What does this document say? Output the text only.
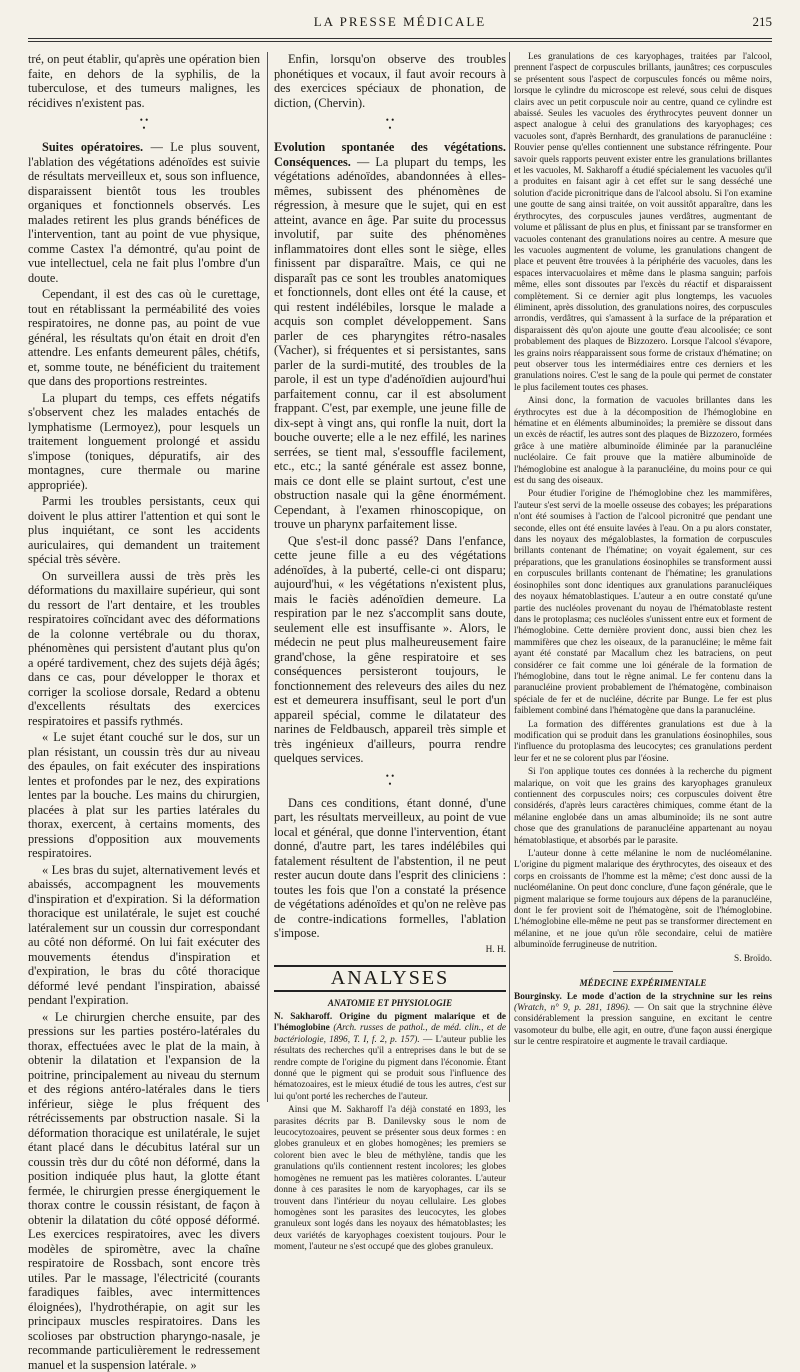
LA PRESSE MÉDICALE	215

tré, on peut établir, qu'après une opération bien faite, en dehors de la syphilis, de la tuberculose, et des tumeurs malignes, les récidives n'existent pas.

• •
•

Suites opératoires. — Le plus souvent, l'ablation des végétations adénoïdes est suivie de résultats merveilleux et, sous son influence, disparaissent bientôt tous les troubles organiques et fonctionnels observés. Les malades retirent les plus grands bénéfices de l'intervention, tant au point de vue physique, comme Castex l'a démontré, qu'au point de vue intellectuel, cela ne fait plus l'ombre d'un doute.

Cependant, il est des cas où le curettage, tout en rétablissant la perméabilité des voies respiratoires, ne donne pas, au point de vue général, les résultats qu'on était en droit d'en attendre. Les enfants demeurent pâles, chétifs, et, somme toute, ne bénéficient du traitement que dans des proportions restreintes.

La plupart du temps, ces effets négatifs s'observent chez les malades entachés de lymphatisme (Lermoyez), pour lesquels un traitement longuement prolongé et assidu s'impose (toniques, dépuratifs, air des montagnes, cure thermale ou marine appropriée).

Parmi les troubles persistants, ceux qui doivent le plus attirer l'attention et qui sont le plus inquiétant, ce sont les accidents auriculaires, qui demandent un traitement spécial très sévère.

On surveillera aussi de très près les déformations du maxillaire supérieur, qui sont du ressort de l'art dentaire, et les troubles respiratoires coïncidant avec des déformations de la colonne vertébrale ou du thorax, phénomènes qui persistent d'autant plus qu'on a opéré tardivement, chez des sujets déjà âgés; dans ce cas, pour développer le thorax et corriger la scoliose dorsale, Redard a obtenu d'excellents résultats des exercices respiratoires et passifs rythmés.

« Le sujet étant couché sur le dos, sur un plan résistant, un coussin très dur au niveau des épaules, on fait exécuter des inspirations lentes et profondes par le nez, des expirations lentes par la bouche. Les mains du chirurgien, placées à plat sur les parties latérales du thorax, exercent, à certains moments, des pressions d'opposition aux mouvements respiratoires.

« Les bras du sujet, alternativement levés et abaissés, accompagnent les mouvements d'inspiration et d'expiration. Si la déformation thoracique est unilatérale, le sujet est couché latéralement sur un coussin dur correspondant au côté non déformé. On lui fait exécuter des mouvements étendus d'inspiration et d'expiration, le bras du côté thoracique déformé levé pendant l'inspiration, abaissé pendant l'expiration.

« Le chirurgien cherche ensuite, par des pressions sur les parties postéro-latérales du thorax, effectuées avec le plat de la main, à obtenir la dilatation et l'expansion de la poitrine, principalement au niveau du sternum et des régions antéro-latérales dans le tiers inférieur, siège le plus fréquent des rétrécissements par obstruction nasale. Si la déformation thoracique est unilatérale, le sujet étant placé dans le décubitus latéral sur un coussin très dur du côté non déformé, dans la position indiquée plus haut, la glotte étant fermée, le chirurgien presse énergiquement le thorax contre le coussin résistant, de façon à obtenir la dilatation du côté opposé déformé. Les exercices respiratoires, avec les divers modèles de spiromètre, avec la chaîne respiratoire de Rossbach, sont encore très utiles. Par le massage, l'électricité (courants faradiques faibles, avec intermittences éloignées), l'hydrothérapie, on agit sur les principaux muscles respiratoires. Dans les scolioses par obstruction pharyngo-nasale, je recommande particulièrement le redressement manuel et la suspension latérale. »

Enfin, lorsqu'on observe des troubles phonétiques et vocaux, il faut avoir recours à des exercices spéciaux de phonation, de diction, (Chervin).

• •
•

Evolution spontanée des végétations. Conséquences. — La plupart du temps, les végétations adénoïdes, abandonnées à elles-mêmes, subissent des phénomènes de régression, à mesure que le sujet, qui en est atteint, avance en âge. Par suite du processus involutif, par suite des phénomènes inflammatoires dont elles sont le siège, elles finissent par disparaître. Mais, ce qui ne disparaît pas ce sont les troubles anatomiques et fonctionnels, dont elles ont été la cause, et qui restent indélébiles, lorsque le malade a acquis son complet développement. Sans parler de ces pharyngites rétro-nasales (Vacher), si fréquentes et si persistantes, sans parler de la surdi-mutité, des troubles de la parole, il est un type d'adénoïdien aujourd'hui parfaitement connu, car il est absolument frappant. C'est, par exemple, une jeune fille de dix-sept à vingt ans, qui ronfle la nuit, dort la bouche ouverte; elle a le nez effilé, les narines serrées, se tient mal, s'essouffle facilement, etc., etc.; la santé générale est assez bonne, mais ce dont elle se plaint surtout, c'est une obstruction nasale qui la gêne énormément. Cependant, à l'examen rhinoscopique, on trouve un pharynx parfaitement lisse.

Que s'est-il donc passé? Dans l'enfance, cette jeune fille a eu des végétations adénoïdes, à la puberté, celle-ci ont disparu; aujourd'hui, « les végétations n'existent plus, mais le faciès adénoïdien demeure. La respiration par le nez s'accomplit sans doute, seulement elle est insuffisante ». Alors, le médecin ne peut plus malheureusement faire grand'chose, la gêne respiratoire et ses conséquences persisteront toujours, le fonctionnement des releveurs des ailes du nez est et demeurera insuffisant, seul le port d'un appareil spécial, comme le dilatateur des narines de Feldbausch, appareil très simple et très ingénieux d'ailleurs, pourra rendre quelques services.

• •
•

Dans ces conditions, étant donné, d'une part, les résultats merveilleux, au point de vue local et général, que donne l'intervention, étant donné, d'autre part, les tares indélébiles qui fatalement résultent de l'abstention, il ne peut rester aucun doute dans l'esprit des cliniciens : toutes les fois que l'on a constaté la présence de végétations adénoïdes et qu'on ne relève pas de contre-indications formelles, l'ablation s'impose.

H. H.
ANALYSES
ANATOMIE ET PHYSIOLOGIE

N. Sakharoff. Origine du pigment malarique et de l'hémoglobine (Arch. russes de pathol., de méd. clin., et de bactériologie, 1896, T. I, f. 2, p. 157). — L'auteur publie les résultats des recherches qu'il a entreprises dans le but de se rendre compte de l'origine du pigment dans l'économie. Étant donné que le pigment qui se produit sous l'influence des hématozoaires, est le mieux étudié de tous les autres, c'est sur lui qu'ont porté les recherches de l'auteur.

Ainsi que M. Sakharoff l'a déjà constaté en 1893, les parasites décrits par B. Danilevsky sous le nom de leucocytozoaires, peuvent se présenter sous deux formes : en globes granuleux et en globes homogènes; les premiers se colorent bien avec le bleu de méthylène, tandis que les granulations qu'ils contiennent restent incolores; les globes homogènes ne remuent pas les matières colorantes. L'auteur donne à ces parasites le nom de karyophages, car ils se trouvent dans l'intérieur du noyau cellulaire. Les globes homogènes sont les parasites des leucocytes, les globes granuleux sont logés dans les noyaux des hématoblastes; les deux variétés de karyophages coexistent toujours. Pour le moment, l'auteur ne s'est occupé que des globes granuleux.

Les granulations de ces karyophages, traitées par l'alcool, prennent l'aspect de corpuscules brillants, jaunâtres; ces corpuscules se présentent sous l'aspect de corpuscules foncés ou même noirs, lorsque le cylindre du microscope est relevé, sous celui de disques clairs avec un petit corpuscule noir au centre, quand ce cylindre est abaissé. Seules les vacuoles des érythrocytes peuvent donner un aspect analogue à celui des granulations des karyophages; ces vacuoles sont, d'après Bernhardt, des granulations de paranucléine : Rouvier pense qu'elles contiennent une substance réfringente. Pour savoir quels rapports peuvent exister entre les granulations brillantes et les vacuoles, M. Sakharoff a étudié spécialement les vacuoles qu'il a produites en faisant agir à cet effet sur le sang desséché une solution d'acide picronitrique dans de l'alcool absolu. Si l'on examine une goutte de sang ainsi traitée, on voit aussitôt apparaître, dans les érythrocytes, des corpuscules jaunes verdâtres, augmentant de volume et pâlissant de plus en plus, et finissant par se transformer en vacuoles contenant des granulations noires au centre. A mesure que les vacuoles augmentent de volume, les granulations changent de place et peuvent être trouvées à la périphérie des vacuoles, dans les espaces intervacuolaires et même dans le plasma sanguin; parfois même, elles sont dissoutes par l'excès du réactif et disparaissent complètement. Si ce dernier agit plus longtemps, les vacuoles éliminent, après dissolution, des granulations noires, des corpuscules arrondis, verdâtres, qui s'amassent à la surface de la préparation et disparaissent dès qu'on ajoute une goutte d'eau alcoolisée; ce sont probablement des plaques de Bizzozero. Lorsque l'alcool s'évapore, les grains noirs réapparaissent sous forme de cristaux d'hématine; on peut observer tous les intermédiaires entre ces derniers et les granulations noires. C'est le sang de la poule qui permet de constater le plus facilement toutes ces phases.

Ainsi donc, la formation de vacuoles brillantes dans les érythrocytes est due à la décomposition de l'hémoglobine en hématine et en éléments albuminoïdes; la première se dissout dans un excès de réactif, les autres sont des plaques de Bizzozero, formées grâce à une matière albuminoïde éliminée par la paranucléine nucléolaire. Ce fait prouve que la matière albuminoïde de l'hémoglobine est analogue à la paranucléine, du moins pour ce qui est du sang des oiseaux.

Pour étudier l'origine de l'hémoglobine chez les mammifères, l'auteur s'est servi de la moelle osseuse des cobayes; les préparations n'ont été soumises à l'action de l'alcool picronitré que pendant une seconde, elles ont été ensuite lavées à l'eau. On a pu alors constater, dans les noyaux des mégaloblastes, la formation de corpuscules brillants contenant de l'hématine; on voyait également, sur ces préparations, que les granulations éosinophiles se transforment aussi en corpuscules brillants contenant de l'hématine; les granulations éosinophiles sont donc identiques aux granulations paranucléiques des noyaux hématoblastiques. L'auteur a en outre constaté qu'une partie des nucléoles provenant du noyau de l'hématoblaste restent dans le protoplasma; ces nucléoles s'unissent entre eux et forment de l'hémoglobine. Cette dernière provient donc, aussi bien chez les mammifères que chez les oiseaux, de la paranucléine; le même fait ayant été constaté par Macallum chez les batraciens, on peut considérer ce fait comme une loi générale de la formation de l'hémoglobine, dans tout le règne animal. Le fer contenu dans la paranucléine provient probablement de l'hématogène, combinaison spéciale de fer et de nucléine, décrite par Bunge. Le fer est plus faiblement combiné dans l'hématogène que dans la paranucléine.

La formation des différentes granulations est due à la modification qui se produit dans les granulations éosinophiles, sous l'influence du protoplasma des leucocytes; ces granulations perdent leur fer et ne se colorent plus par l'éosine.

Si l'on applique toutes ces données à la recherche du pigment malarique, on voit que les grains des karyophages granuleux contiennent des corpuscules noirs; ces corpuscules doivent être considérés, d'après leurs caractères chimiques, comme étant de la mélanine englobée dans un amas albuminoïde; ils ne sont autre chose que des granulations de paranucléine appartenant au noyau hématoblastique, et absorbés par le parasite.

L'auteur donne à cette mélanine le nom de nucléomélanine. L'origine du pigment malarique des érythrocytes, des oiseaux et des corps en croissants de l'homme est la même; c'est donc aussi de la nucléomélanine. On peut donc conclure, d'une façon générale, que le pigment malarique se forme toujours aux dépens de la paranucléine, dont le fer provient soit de l'hématogène, soit de l'hémoglobine. L'hémoglobine elle-même ne peut pas se transformer directement en mélanine, et ne joue qu'un rôle secondaire, celui de matière albuminoïde ferrugineuse de nutrition.

S. Broïdo.
MÉDECINE EXPÉRIMENTALE

Bourginsky. Le mode d'action de la strychnine sur les reins (Wratch, n° 9, p. 281, 1896). — On sait que la strychnine élève considérablement la pression sanguine, en excitant le centre vasomoteur du bulbe, elle agit, en outre, d'une façon aussi énergique sur le centre respiratoire et augmente le travail cardiaque.
